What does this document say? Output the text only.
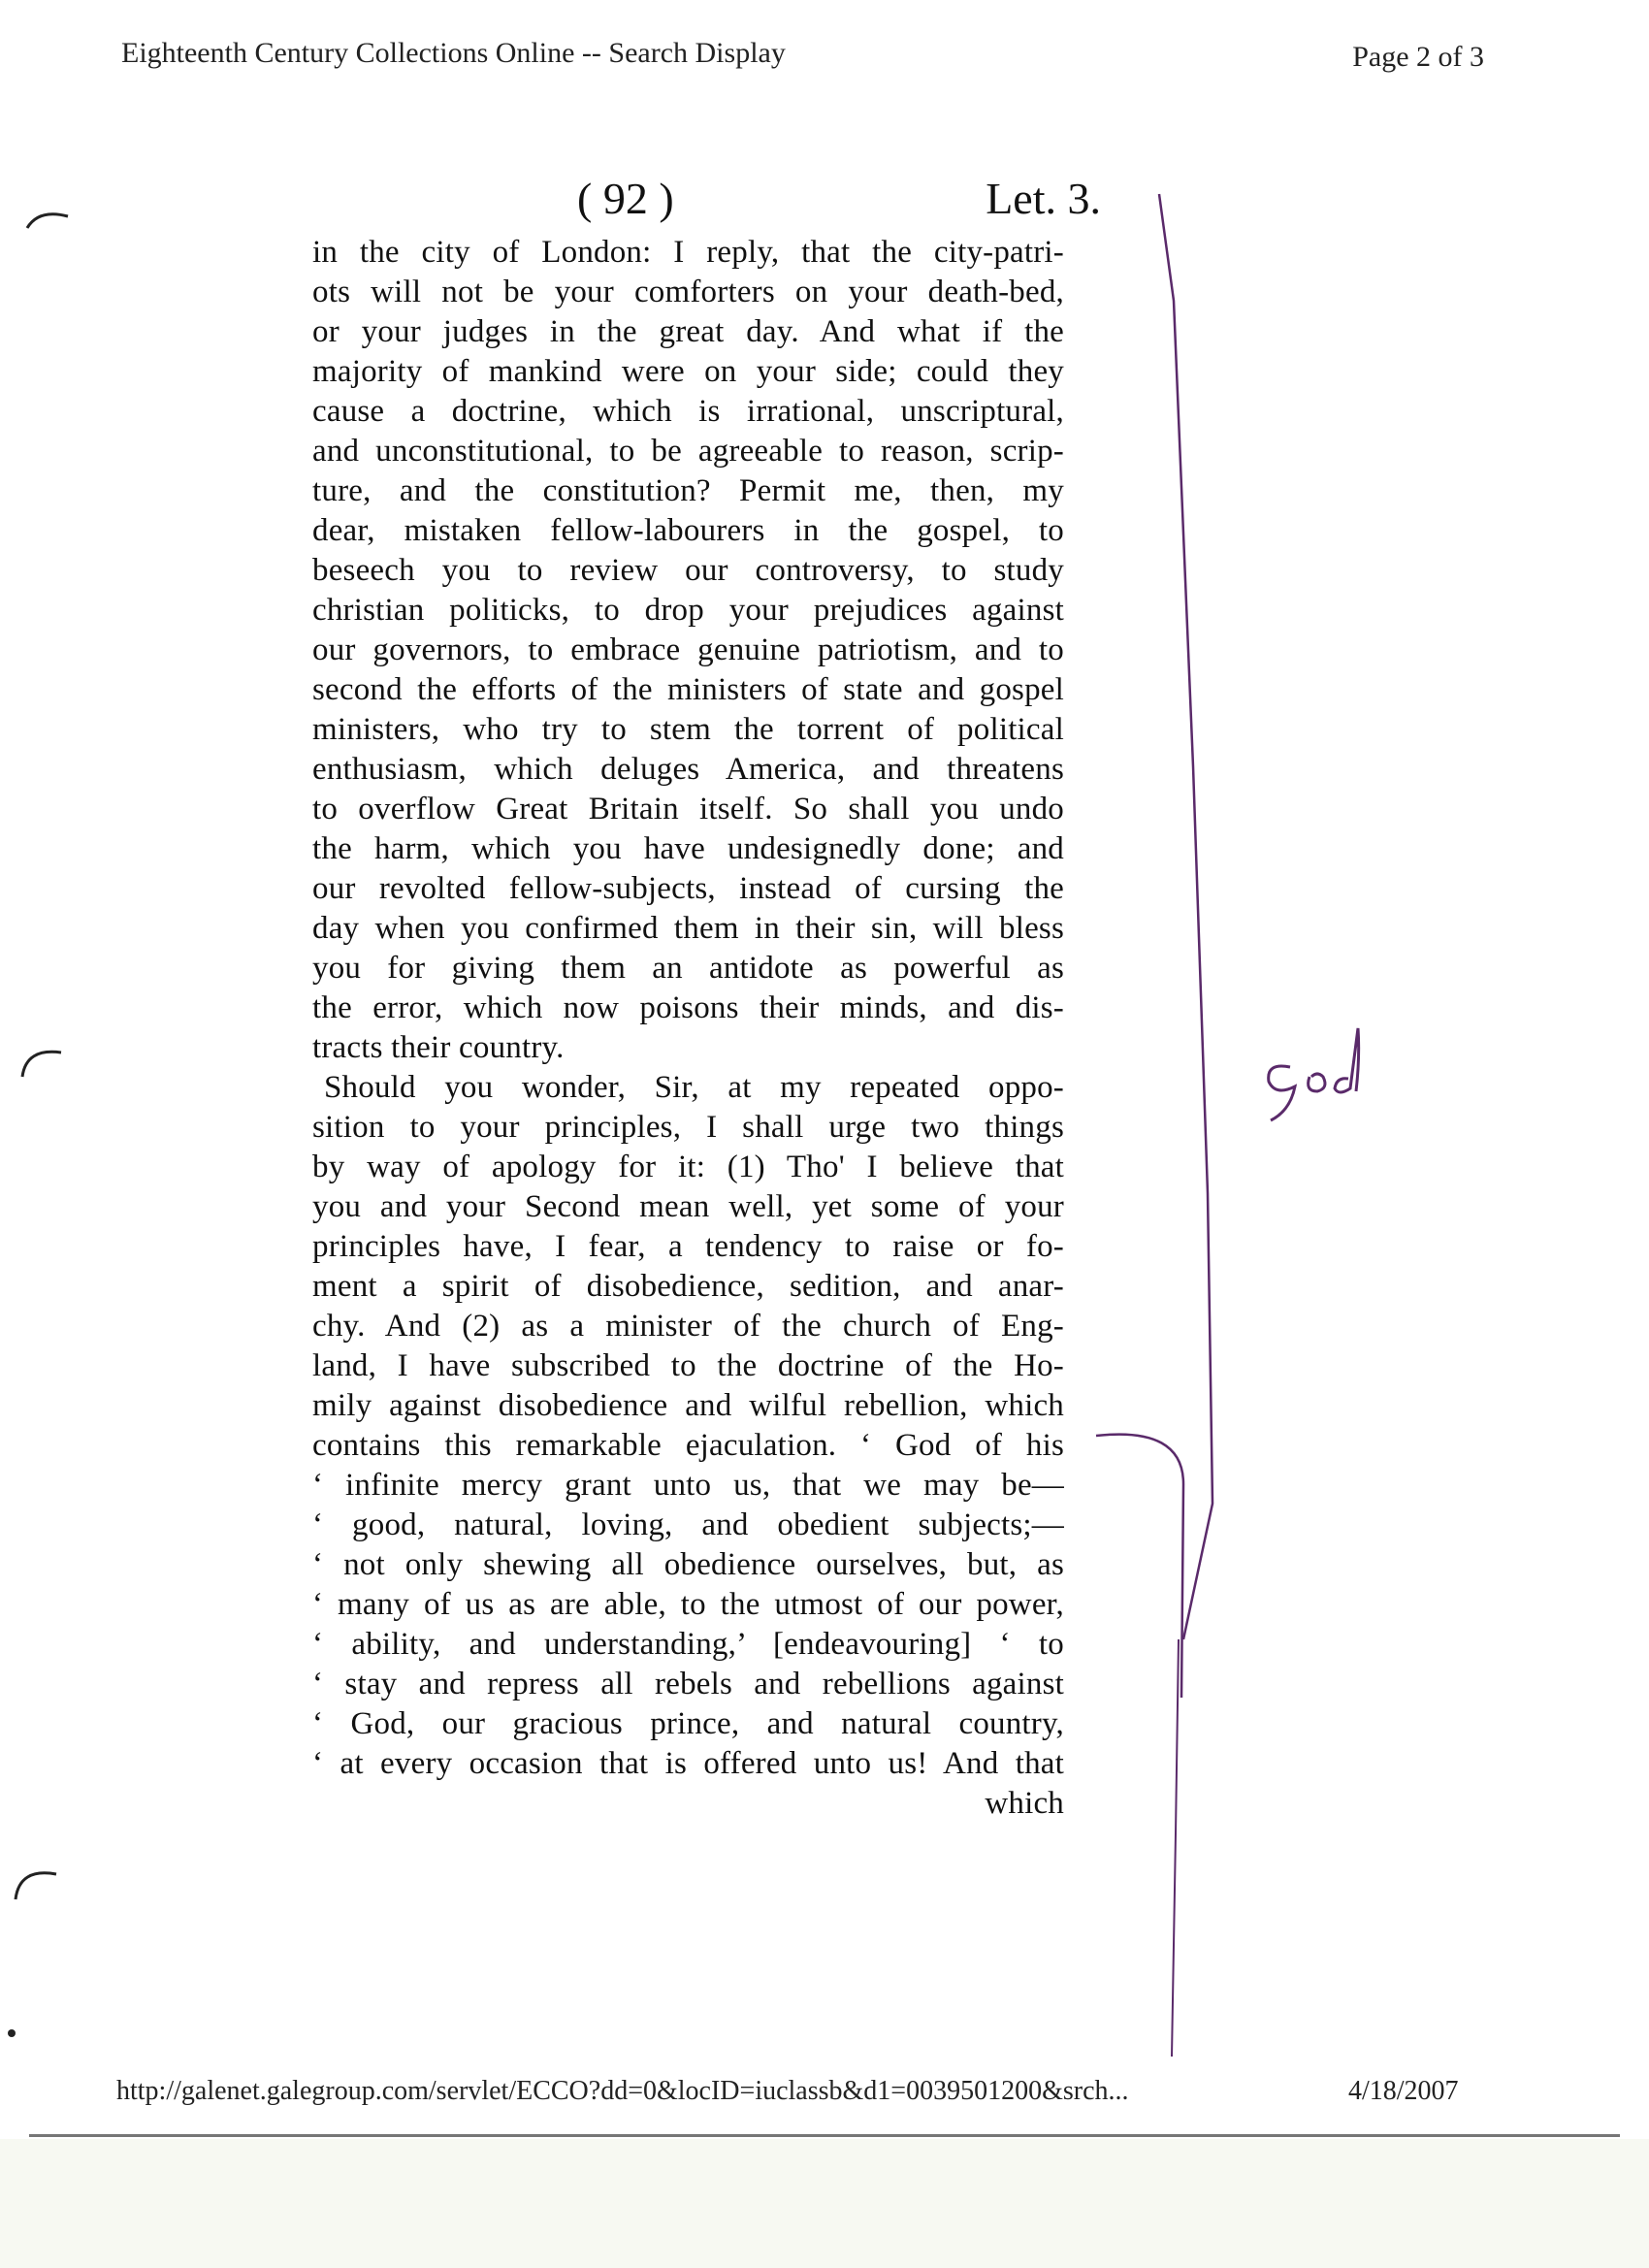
Eighteenth Century Collections Online -- Search Display	Page 2 of 3
( 92 )	Let. 3.
in the city of London: I reply, that the city-patri-
ots will not be your comforters on your death-bed,
or your judges in the great day. And what if the
majority of mankind were on your side; could they
cause a doctrine, which is irrational, unscriptural,
and unconstitutional, to be agreeable to reason, scrip-
ture, and the constitution? Permit me, then, my
dear, mistaken fellow-labourers in the gospel, to
beseech you to review our controversy, to study
christian politicks, to drop your prejudices against
our governors, to embrace genuine patriotism, and to
second the efforts of the ministers of state and gospel
ministers, who try to stem the torrent of political
enthusiasm, which deluges America, and threatens
to overflow Great Britain itself. So shall you undo
the harm, which you have undesignedly done; and
our revolted fellow-subjects, instead of cursing the
day when you confirmed them in their sin, will bless
you for giving them an antidote as powerful as
the error, which now poisons their minds, and dis-
tracts their country.
Should you wonder, Sir, at my repeated oppo-
sition to your principles, I shall urge two things
by way of apology for it: (1) Tho' I believe that
you and your Second mean well, yet some of your
principles have, I fear, a tendency to raise or fo-
ment a spirit of disobedience, sedition, and anar-
chy. And (2) as a minister of the church of Eng-
land, I have subscribed to the doctrine of the Ho-
mily against disobedience and wilful rebellion, which
contains this remarkable ejaculation. ‘ God of his
‘ infinite mercy grant unto us, that we may be—
‘ good, natural, loving, and obedient subjects;—
‘ not only shewing all obedience ourselves, but, as
‘ many of us as are able, to the utmost of our power,
‘ ability, and understanding,’ [endeavouring] ‘ to
‘ stay and repress all rebels and rebellions against
‘ God, our gracious prince, and natural country,
‘ at every occasion that is offered unto us! And that
which
http://galenet.galegroup.com/servlet/ECCO?dd=0&locID=iuclassb&d1=0039501200&srch...	4/18/2007
